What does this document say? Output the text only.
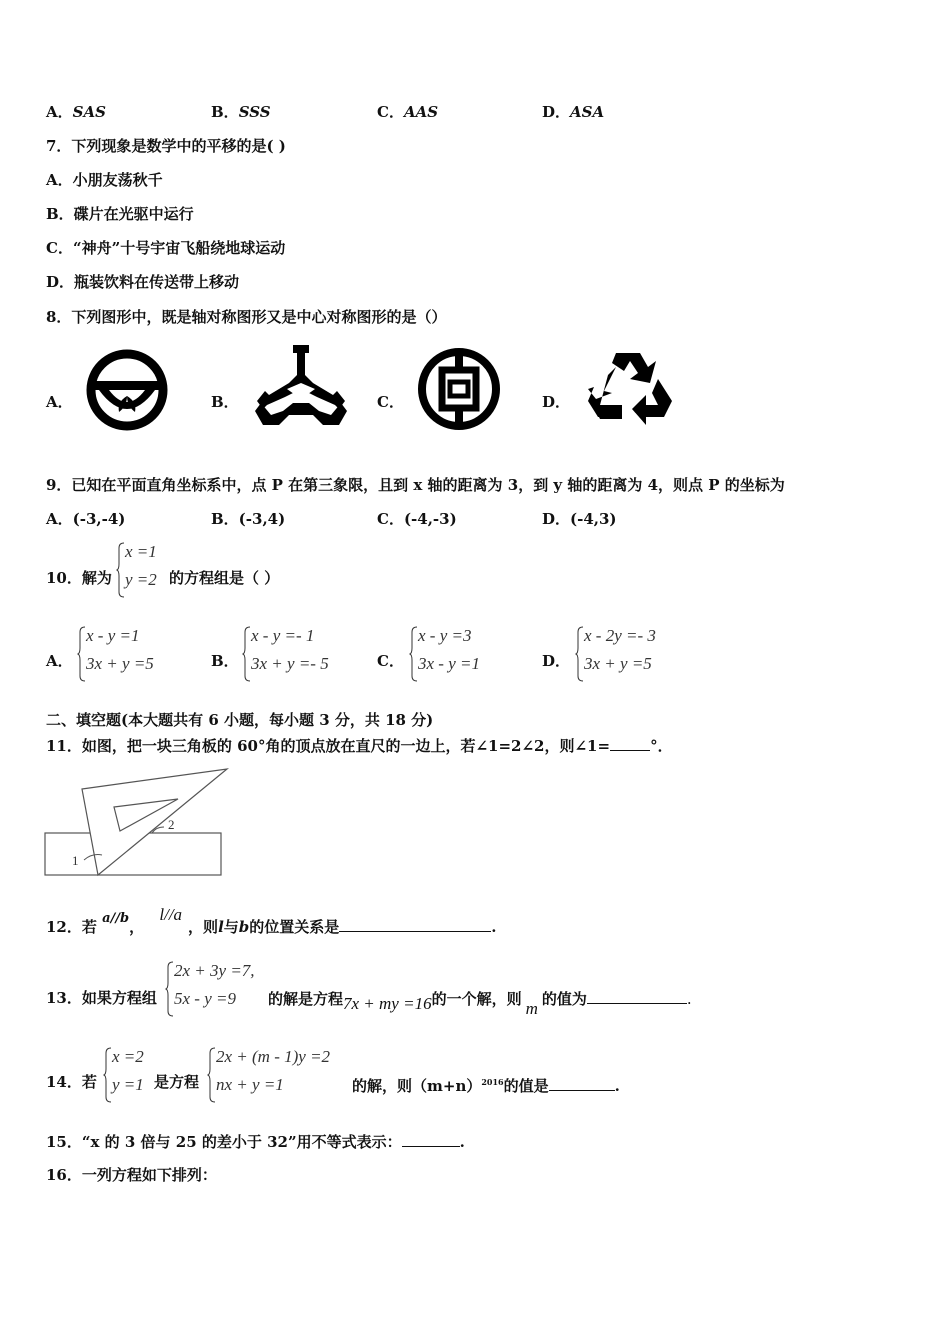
A．SAS	B．SSS	C．AAS	D．ASA
7．下列现象是数学中的平移的是( )
A．小朋友荡秋千
B．碟片在光驱中运行
C．“神舟”十号宇宙飞船绕地球运动
D．瓶装饮料在传送带上移动
8．下列图形中，既是轴对称图形又是中心对称图形的是（）
A．	B．	C．	D．
9．已知在平面直角坐标系中，点 P 在第三象限，且到 x 轴的距离为 3，到 y 轴的距离为 4，则点 P 的坐标为
A．(-3,-4)	B．(-3,4)	C．(-4,-3)	D．(-4,3)
10．解为
x =1
y =2 的方程组是（ ）
A．
x - y =1
3x + y =5	B．
x - y =- 1
3x + y =- 5	C．
x - y =3
3x - y =1	D．
x - 2y =- 3
3x + y =5
二、填空题(本大题共有 6 小题，每小题 3 分，共 18 分)
11．如图，把一块三角板的 60°角的顶点放在直尺的一边上，若∠1=2∠2，则∠1=	°．
1
2
12．若 a//b， l//a，则l与b的位置关系是	.
13．如果方程组
2x + 3y =7,
5x - y =9 的解是方程7x + my =16的一个解，则 m 的值为	.
14．若
x =2
y =1 是方程
2x + (m - 1)y =2
nx + y =1	的解，则$(m+n)^{2016}$的值是	.
15．“x 的 3 倍与 25 的差小于 32”用不等式表示：	.
16．一列方程如下排列：
